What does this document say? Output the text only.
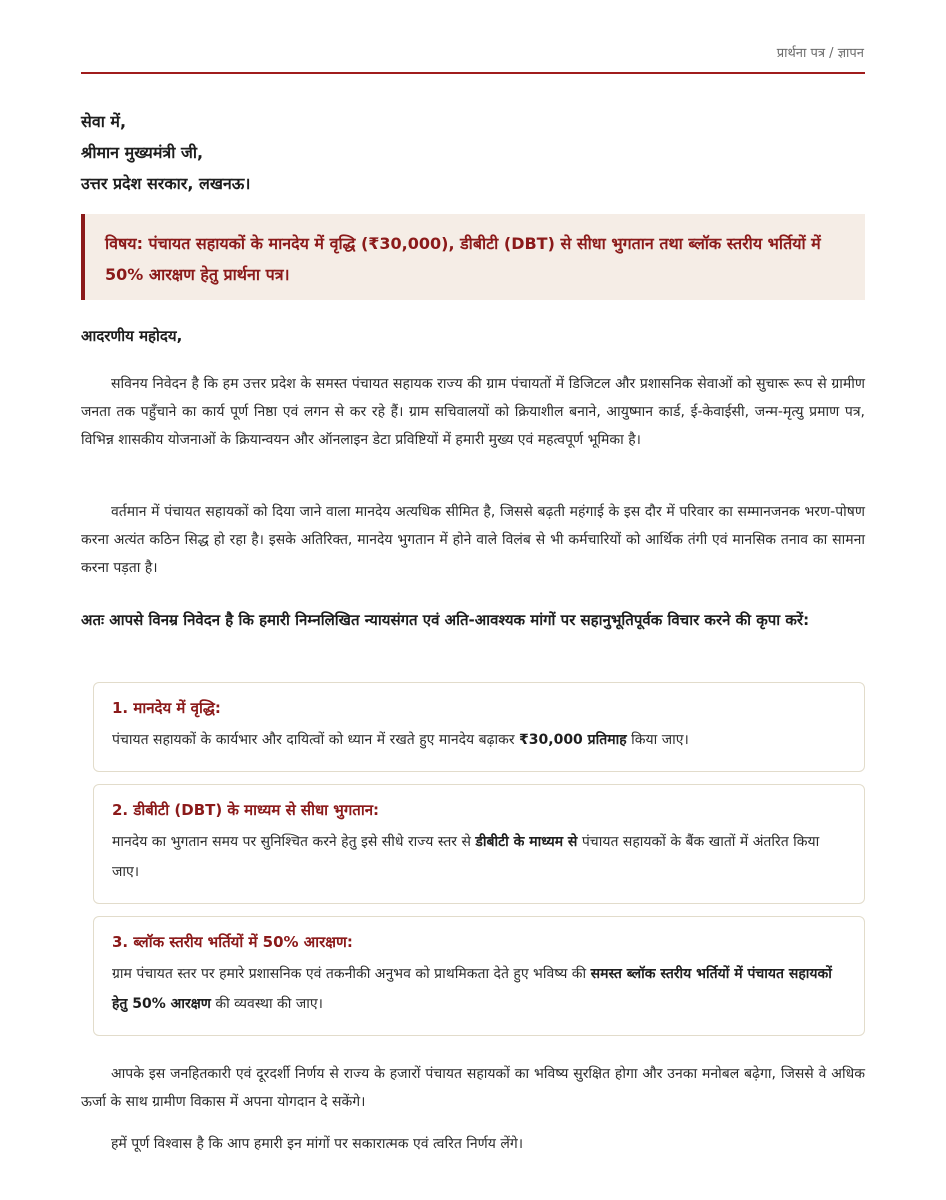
प्रार्थना पत्र / ज्ञापन
सेवा में,
श्रीमान मुख्यमंत्री जी,
उत्तर प्रदेश सरकार, लखनऊ।
विषय: पंचायत सहायकों के मानदेय में वृद्धि (₹30,000), डीबीटी (DBT) से सीधा भुगतान तथा ब्लॉक स्तरीय भर्तियों में 50% आरक्षण हेतु प्रार्थना पत्र।
आदरणीय महोदय,

सविनय निवेदन है कि हम उत्तर प्रदेश के समस्त पंचायत सहायक राज्य की ग्राम पंचायतों में डिजिटल और प्रशासनिक सेवाओं को सुचारू रूप से ग्रामीण जनता तक पहुँचाने का कार्य पूर्ण निष्ठा एवं लगन से कर रहे हैं। ग्राम सचिवालयों को क्रियाशील बनाने, आयुष्मान कार्ड, ई-केवाईसी, जन्म-मृत्यु प्रमाण पत्र, विभिन्न शासकीय योजनाओं के क्रियान्वयन और ऑनलाइन डेटा प्रविष्टियों में हमारी मुख्य एवं महत्वपूर्ण भूमिका है।

वर्तमान में पंचायत सहायकों को दिया जाने वाला मानदेय अत्यधिक सीमित है, जिससे बढ़ती महंगाई के इस दौर में परिवार का सम्मानजनक भरण-पोषण करना अत्यंत कठिन सिद्ध हो रहा है। इसके अतिरिक्त, मानदेय भुगतान में होने वाले विलंब से भी कर्मचारियों को आर्थिक तंगी एवं मानसिक तनाव का सामना करना पड़ता है।

अतः आपसे विनम्र निवेदन है कि हमारी निम्नलिखित न्यायसंगत एवं अति-आवश्यक मांगों पर सहानुभूतिपूर्वक विचार करने की कृपा करें:

1. मानदेय में वृद्धि:

पंचायत सहायकों के कार्यभार और दायित्वों को ध्यान में रखते हुए मानदेय बढ़ाकर ₹30,000 प्रतिमाह किया जाए।

2. डीबीटी (DBT) के माध्यम से सीधा भुगतान:

मानदेय का भुगतान समय पर सुनिश्चित करने हेतु इसे सीधे राज्य स्तर से डीबीटी के माध्यम से पंचायत सहायकों के बैंक खातों में अंतरित किया जाए।

3. ब्लॉक स्तरीय भर्तियों में 50% आरक्षण:

ग्राम पंचायत स्तर पर हमारे प्रशासनिक एवं तकनीकी अनुभव को प्राथमिकता देते हुए भविष्य की समस्त ब्लॉक स्तरीय भर्तियों में पंचायत सहायकों हेतु 50% आरक्षण की व्यवस्था की जाए।

आपके इस जनहितकारी एवं दूरदर्शी निर्णय से राज्य के हजारों पंचायत सहायकों का भविष्य सुरक्षित होगा और उनका मनोबल बढ़ेगा, जिससे वे अधिक ऊर्जा के साथ ग्रामीण विकास में अपना योगदान दे सकेंगे।

हमें पूर्ण विश्वास है कि आप हमारी इन मांगों पर सकारात्मक एवं त्वरित निर्णय लेंगे।
